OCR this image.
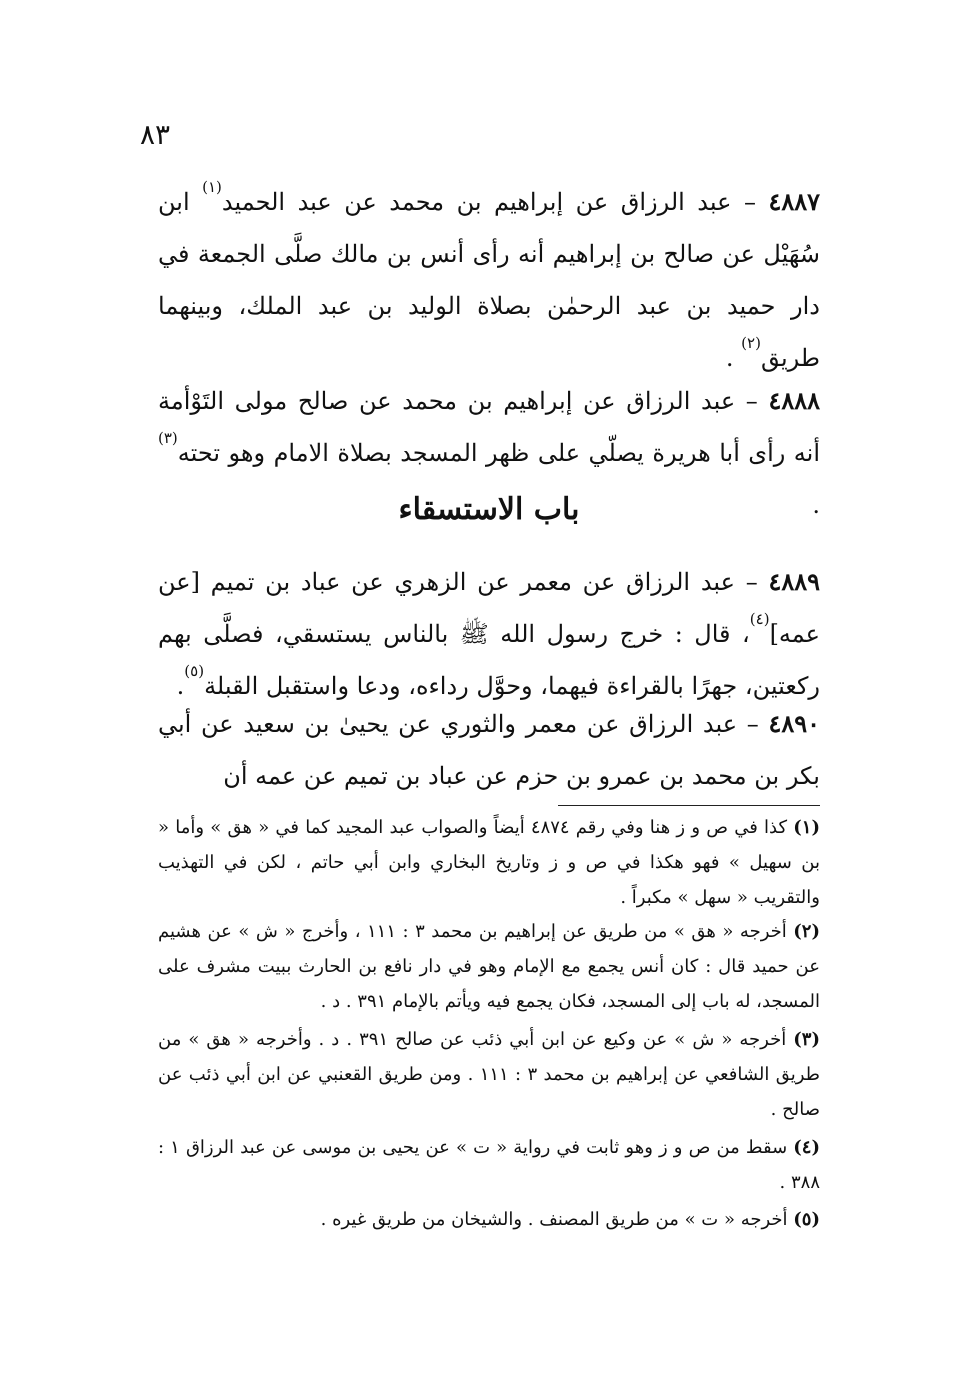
٨٣

٤٨٨٧ – عبد الرزاق عن إبراهيم بن محمد عن عبد الحميد$^{(١)}$ ابن سُهَيْل عن صالح بن إبراهيم أنه رأى أنس بن مالك صلَّى الجمعة في دار حميد بن عبد الرحمٰن بصلاة الوليد بن عبد الملك، وبينهما طريق$^{(٢)}$ .

٤٨٨٨ – عبد الرزاق عن إبراهيم بن محمد عن صالح مولى التَوْأمة أنه رأى أبا هريرة يصلّي على ظهر المسجد بصلاة الامام وهو تحته$^{(٣)}$ .

باب الاستسقاء

٤٨٨٩ – عبد الرزاق عن معمر عن الزهري عن عباد بن تميم [عن عمه]$^{(٤)}$، قال : خرج رسول الله ﷺ بالناس يستسقي، فصلَّى بهم ركعتين، جهرًا بالقراءة فيهما، وحوَّل رداءه، ودعا واستقبل القبلة$^{(٥)}$.

٤٨٩٠ – عبد الرزاق عن معمر والثوري عن يحيىٰ بن سعيد عن أبي بكر بن محمد بن عمرو بن حزم عن عباد بن تميم عن عمه أن

(١) كذا في ص و ز هنا وفي رقم ٤٨٧٤ أيضاً والصواب عبد المجيد كما في « هق » وأما « بن سهيل » فهو هكذا في ص و ز وتاريخ البخاري وابن أبي حاتم ، لكن في التهذيب والتقريب « سهل » مكبراً .
(٢) أخرجه « هق » من طريق عن إبراهيم بن محمد ٣ : ١١١ ، وأخرج « ش » عن هشيم عن حميد قال : كان أنس يجمع مع الإمام وهو في دار نافع بن الحارث ببيت مشرف على المسجد، له باب إلى المسجد، فكان يجمع فيه ويأتم بالإمام ٣٩١ . د .
(٣) أخرجه « ش » عن وكيع عن ابن أبي ذئب عن صالح ٣٩١ . د . وأخرجه « هق » من طريق الشافعي عن إبراهيم بن محمد ٣ : ١١١ . ومن طريق القعنبي عن ابن أبي ذئب عن صالح .
(٤) سقط من ص و ز وهو ثابت في رواية « ت » عن يحيى بن موسى عن عبد الرزاق ١ : ٣٨٨ .
(٥) أخرجه « ت » من طريق المصنف . والشيخان من طريق غيره .
